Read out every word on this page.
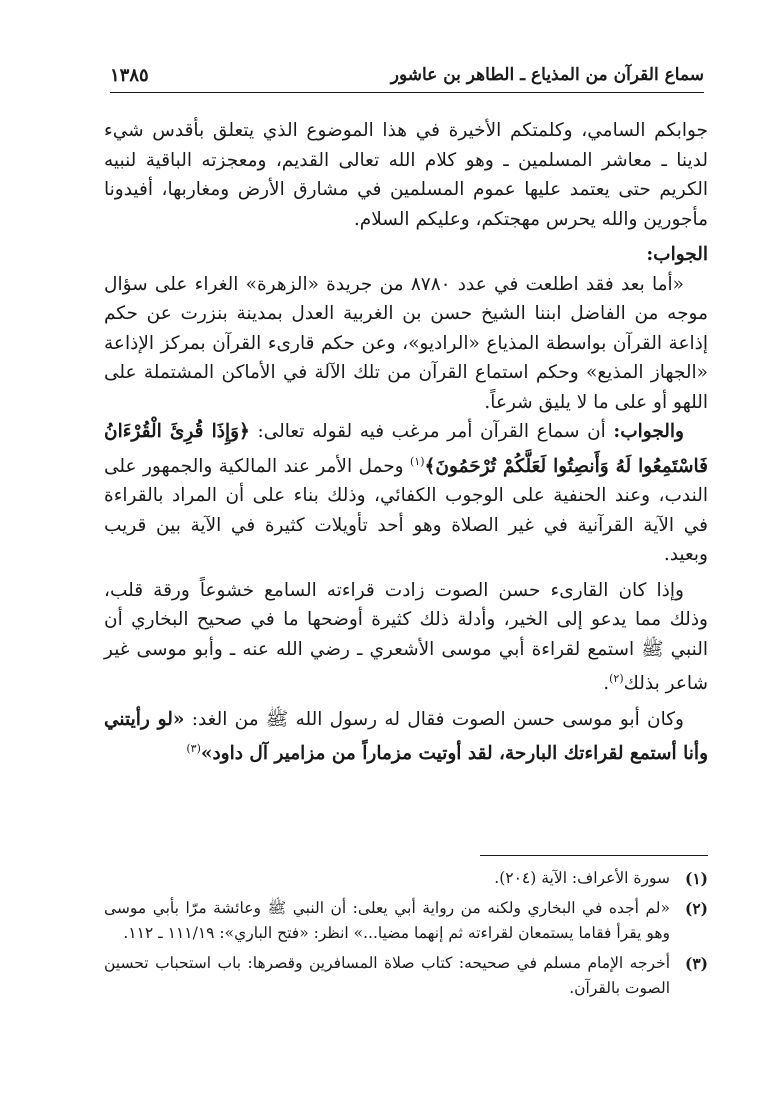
سماع القرآن من المذياع ـ الطاهر بن عاشور
١٣٨٥

جوابكم السامي، وكلمتكم الأخيرة في هذا الموضوع الذي يتعلق بأقدس شيء لدينا ـ معاشر المسلمين ـ وهو كلام الله تعالى القديم، ومعجزته الباقية لنبيه الكريم حتى يعتمد عليها عموم المسلمين في مشارق الأرض ومغاربها، أفيدونا مأجورين والله يحرس مهجتكم، وعليكم السلام.

الجواب:

«أما بعد فقد اطلعت في عدد ٨٧٨٠ من جريدة «الزهرة» الغراء على سؤال موجه من الفاضل ابننا الشيخ حسن بن الغربية العدل بمدينة بنزرت عن حكم إذاعة القرآن بواسطة المذياع «الراديو»، وعن حكم قارىء القرآن بمركز الإذاعة «الجهاز المذيع» وحكم استماع القرآن من تلك الآلة في الأماكن المشتملة على اللهو أو على ما لا يليق شرعاً.

والجواب: أن سماع القرآن أمر مرغب فيه لقوله تعالى: ﴿وَإِذَا قُرِئَ الْقُرْءَانُ فَاسْتَمِعُوا لَهُ وَأَنصِتُوا لَعَلَّكُمْ تُرْحَمُونَ﴾$^{(١)}$ وحمل الأمر عند المالكية والجمهور على الندب، وعند الحنفية على الوجوب الكفائي، وذلك بناء على أن المراد بالقراءة في الآية القرآنية في غير الصلاة وهو أحد تأويلات كثيرة في الآية بين قريب وبعيد.

وإذا كان القارىء حسن الصوت زادت قراءته السامع خشوعاً ورقة قلب، وذلك مما يدعو إلى الخير، وأدلة ذلك كثيرة أوضحها ما في صحيح البخاري أن النبي ﷺ استمع لقراءة أبي موسى الأشعري ـ رضي الله عنه ـ وأبو موسى غير شاعر بذلك$^{(٢)}$.

وكان أبو موسى حسن الصوت فقال له رسول الله ﷺ من الغد: «لو رأيتني وأنا أستمع لقراءتك البارحة، لقد أوتيت مزماراً من مزامير آل داود»$^{(٣)}$

(١)
سورة الأعراف: الآية (٢٠٤).
(٢)
«لم أجده في البخاري ولكنه من رواية أبي يعلى: أن النبي ﷺ وعائشة مرّا بأبي موسى وهو يقرأ فقاما يستمعان لقراءته ثم إنهما مضيا...» انظر: «فتح الباري»: ١١١/١٩ ـ ١١٢.
(٣)
أخرجه الإمام مسلم في صحيحه: كتاب صلاة المسافرين وقصرها: باب استحباب تحسين الصوت بالقرآن.
